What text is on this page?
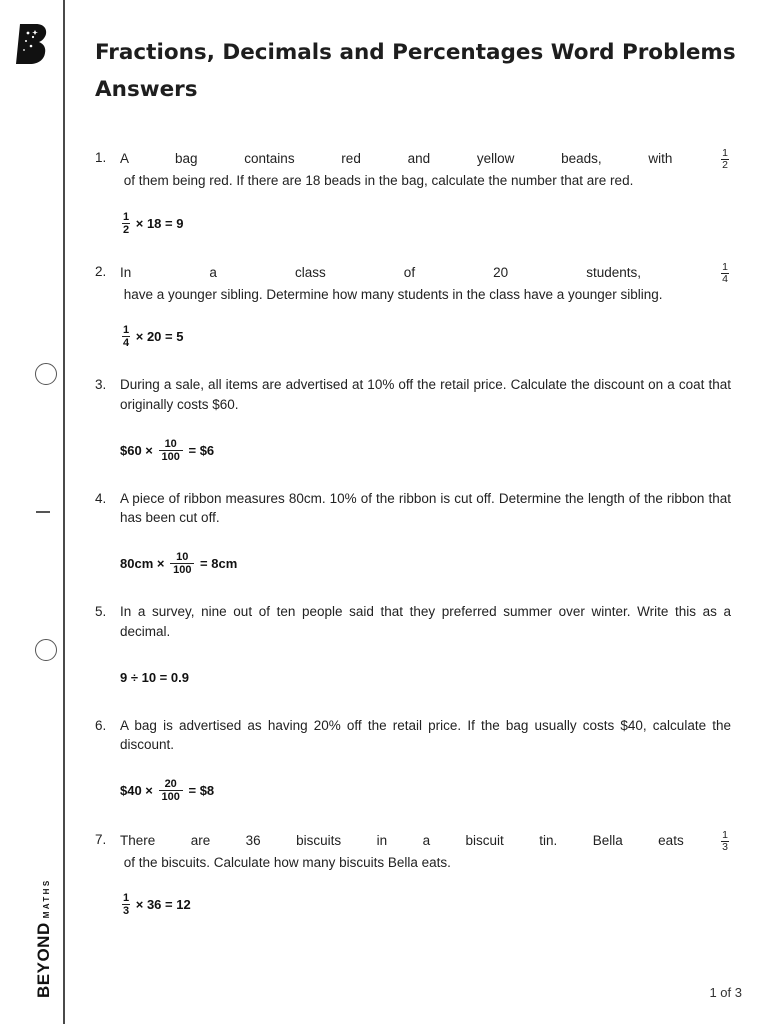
BEYOND
MATHS
Fractions, Decimals and Percentages Word Problems Answers
1. A bag contains red and yellow beads, with $\frac{1}{2}$
of them being red. If there are 18 beads in the bag, calculate the number that are red.
$\frac{1}{2} \times 18 = 9$
2. In a class of 20 students, $\frac{1}{4}$
have a younger sibling. Determine how many students in the class have a younger sibling.
$\frac{1}{4} \times 20 = 5$
3. During a sale, all items are advertised at 10% off the retail price. Calculate the discount on a coat that originally costs $60.
$60 × $\frac{10}{100}$ = $6
4. A piece of ribbon measures 80cm. 10% of the ribbon is cut off. Determine the length of the ribbon that has been cut off.
$80cm \times \frac{10}{100} = 8cm$
5. In a survey, nine out of ten people said that they preferred summer over winter. Write this as a decimal.
9 ÷ 10 = 0.9
6. A bag is advertised as having 20% off the retail price. If the bag usually costs $40, calculate the discount.
$40 × $\frac{20}{100}$ = $8
7. There are 36 biscuits in a biscuit tin. Bella eats $\frac{1}{3}$
of the biscuits. Calculate how many biscuits Bella eats.
$\frac{1}{3} \times 36 = 12$
1 of 3
